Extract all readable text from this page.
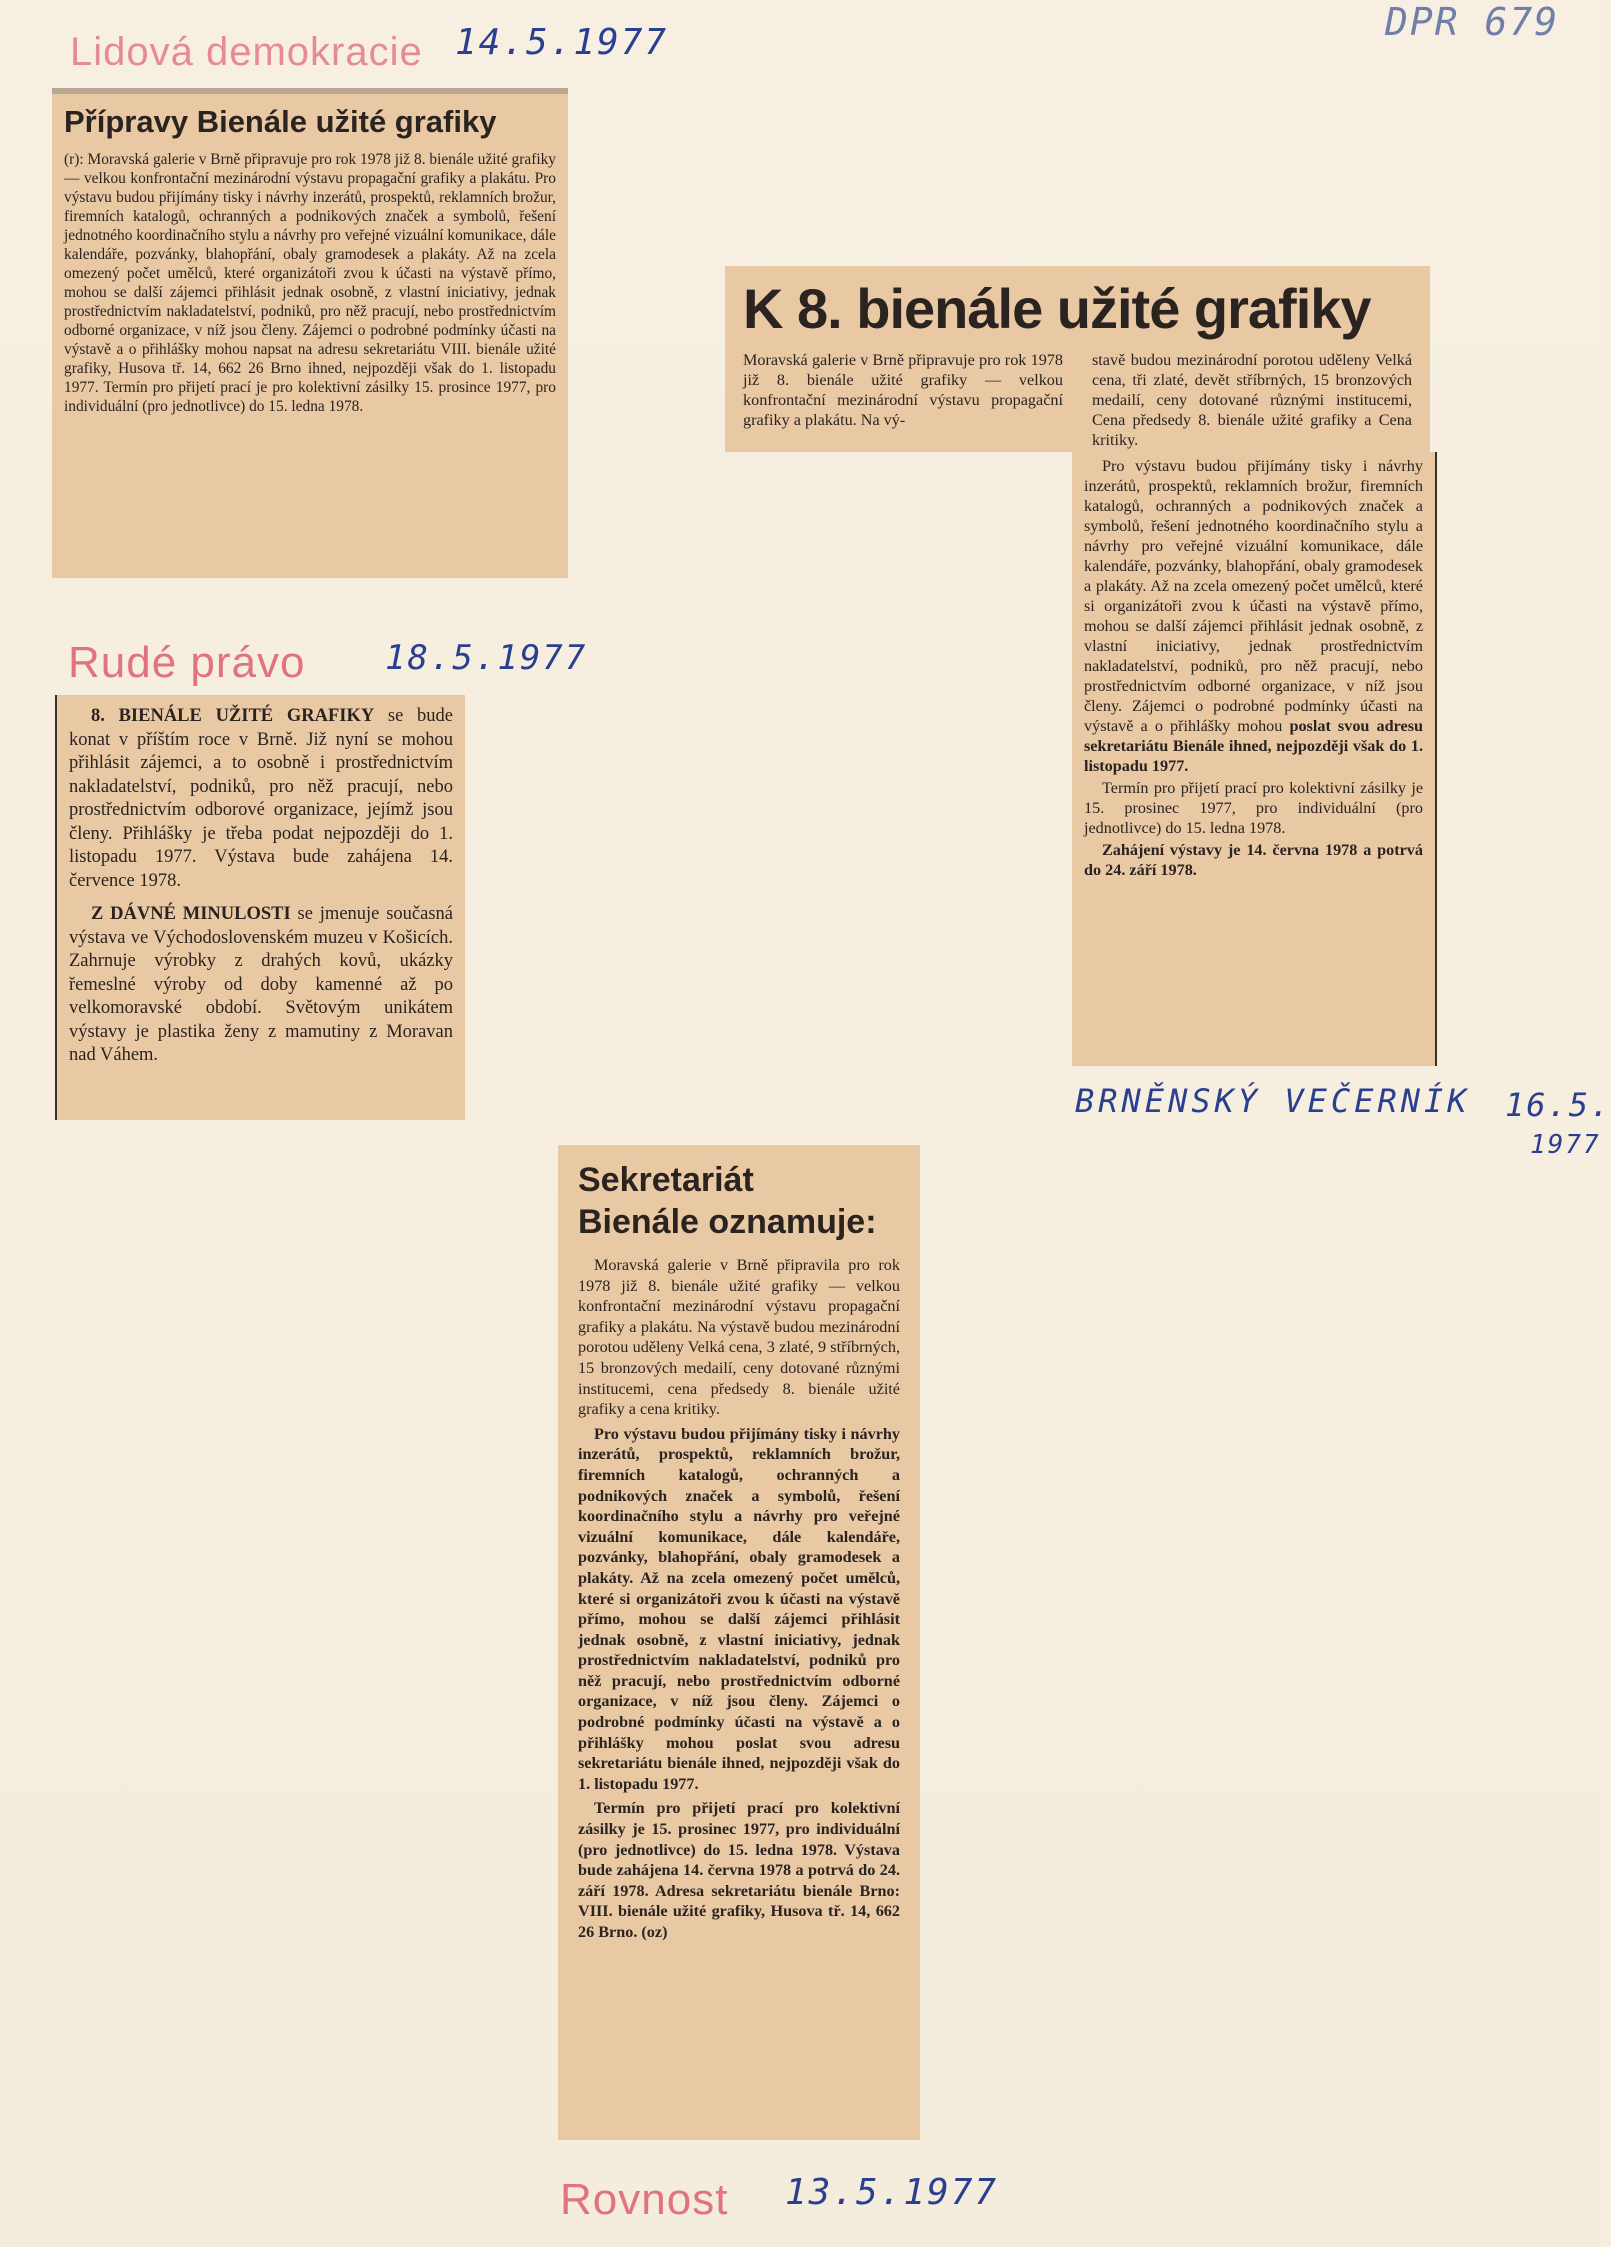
DPR 679
Lidová demokracie 14.5.1977
Přípravy Bienále užité grafiky

(r): Moravská galerie v Brně připravuje pro rok 1978 již 8. bienále užité grafiky — velkou konfrontační mezinárodní výstavu propagační grafiky a plakátu. Pro výstavu budou přijímány tisky i návrhy inzerátů, prospektů, reklamních brožur, firemních katalogů, ochranných a podnikových značek a symbolů, řešení jednotného koordinačního stylu a návrhy pro veřejné vizuální komunikace, dále kalendáře, pozvánky, blahopřání, obaly gramodesek a plakáty. Až na zcela omezený počet umělců, které organizátoři zvou k účasti na výstavě přímo, mohou se další zájemci přihlásit jednak osobně, z vlastní iniciativy, jednak prostřednictvím nakladatelství, podniků, pro něž pracují, nebo prostřednictvím odborné organizace, v níž jsou členy. Zájemci o podrobné podmínky účasti na výstavě a o přihlášky mohou napsat na adresu sekretariátu VIII. bienále užité grafiky, Husova tř. 14, 662 26 Brno ihned, nejpozději však do 1. listopadu 1977. Termín pro přijetí prací je pro kolektivní zásilky 15. prosince 1977, pro individuální (pro jednotlivce) do 15. ledna 1978.

Rudé právo 18.5.1977

8. BIENÁLE UŽITÉ GRAFIKY se bude konat v příštím roce v Brně. Již nyní se mohou přihlásit zájemci, a to osobně i prostřednictvím nakladatelství, podniků, pro něž pracují, nebo prostřednictvím odborové organizace, jejímž jsou členy. Přihlášky je třeba podat nejpozději do 1. listopadu 1977. Výstava bude zahájena 14. července 1978.

Z DÁVNÉ MINULOSTI se jmenuje současná výstava ve Východoslovenském muzeu v Košicích. Zahrnuje výrobky z drahých kovů, ukázky řemeslné výroby od doby kamenné až po velkomoravské období. Světovým unikátem výstavy je plastika ženy z mamutiny z Moravan nad Váhem.

K 8. bienále užité grafiky

Moravská galerie v Brně připravuje pro rok 1978 již 8. bienále užité grafiky — velkou konfrontační mezinárodní výstavu propagační grafiky a plakátu. Na vý-

stavě budou mezinárodní porotou uděleny Velká cena, tři zlaté, devět stříbrných, 15 bronzových medailí, ceny dotované různými institucemi, Cena předsedy 8. bienále užité grafiky a Cena kritiky.

Pro výstavu budou přijímány tisky i návrhy inzerátů, prospektů, reklamních brožur, firemních katalogů, ochranných a podnikových značek a symbolů, řešení jednotného koordinačního stylu a návrhy pro veřejné vizuální komunikace, dále kalendáře, pozvánky, blahopřání, obaly gramodesek a plakáty. Až na zcela omezený počet umělců, které si organizátoři zvou k účasti na výstavě přímo, mohou se další zájemci přihlásit jednak osobně, z vlastní iniciativy, jednak prostřednictvím nakladatelství, podniků, pro něž pracují, nebo prostřednictvím odborné organizace, v níž jsou členy. Zájemci o podrobné podmínky účasti na výstavě a o přihlášky mohou poslat svou adresu sekretariátu Bienále ihned, nejpozději však do 1. listopadu 1977.

Termín pro přijetí prací pro kolektivní zásilky je 15. prosinec 1977, pro individuální (pro jednotlivce) do 15. ledna 1978.

Zahájení výstavy je 14. června 1978 a potrvá do 24. září 1978.

BRNĚNSKÝ VEČERNÍK 16.5.
1977
Sekretariát
Bienále oznamuje:

Moravská galerie v Brně připravila pro rok 1978 již 8. bienále užité grafiky — velkou konfrontační mezinárodní výstavu propagační grafiky a plakátu. Na výstavě budou mezinárodní porotou uděleny Velká cena, 3 zlaté, 9 stříbrných, 15 bronzových medailí, ceny dotované různými institucemi, cena předsedy 8. bienále užité grafiky a cena kritiky.

Pro výstavu budou přijímány tisky i návrhy inzerátů, prospektů, reklamních brožur, firemních katalogů, ochranných a podnikových značek a symbolů, řešení koordinačního stylu a návrhy pro veřejné vizuální komunikace, dále kalendáře, pozvánky, blahopřání, obaly gramodesek a plakáty. Až na zcela omezený počet umělců, které si organizátoři zvou k účasti na výstavě přímo, mohou se další zájemci přihlásit jednak osobně, z vlastní iniciativy, jednak prostřednictvím nakladatelství, podniků pro něž pracují, nebo prostřednictvím odborné organizace, v níž jsou členy. Zájemci o podrobné podmínky účasti na výstavě a o přihlášky mohou poslat svou adresu sekretariátu bienále ihned, nejpozději však do 1. listopadu 1977.

Termín pro přijetí prací pro kolektivní zásilky je 15. prosinec 1977, pro individuální (pro jednotlivce) do 15. ledna 1978. Výstava bude zahájena 14. června 1978 a potrvá do 24. září 1978. Adresa sekretariátu bienále Brno: VIII. bienále užité grafiky, Husova tř. 14, 662 26 Brno. (oz)

Rovnost 13.5.1977
